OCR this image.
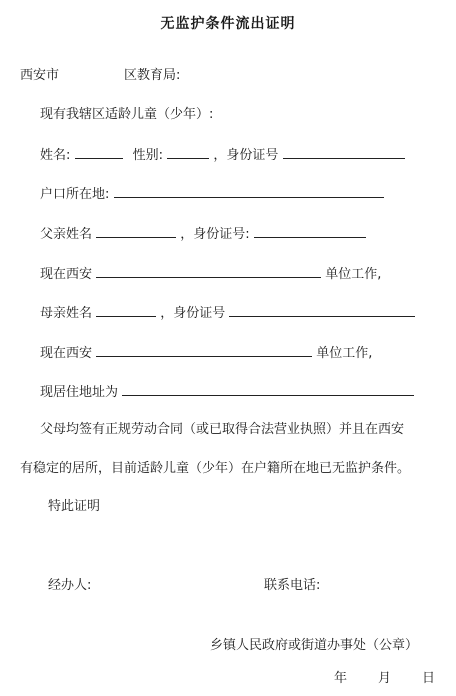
无监护条件流出证明
西安市	区教育局:
现有我辖区适龄儿童（少年）:
姓名:	性别:	，身份证号
户口所在地:
父亲姓名	，身份证号:
现在西安	单位工作,
母亲姓名	，身份证号
现在西安	单位工作,
现居住地址为
父母均签有正规劳动合同（或已取得合法营业执照）并且在西安
有稳定的居所，目前适龄儿童（少年）在户籍所在地已无监护条件。
特此证明
经办人:	联系电话:
乡镇人民政府或街道办事处（公章）
年 月 日
